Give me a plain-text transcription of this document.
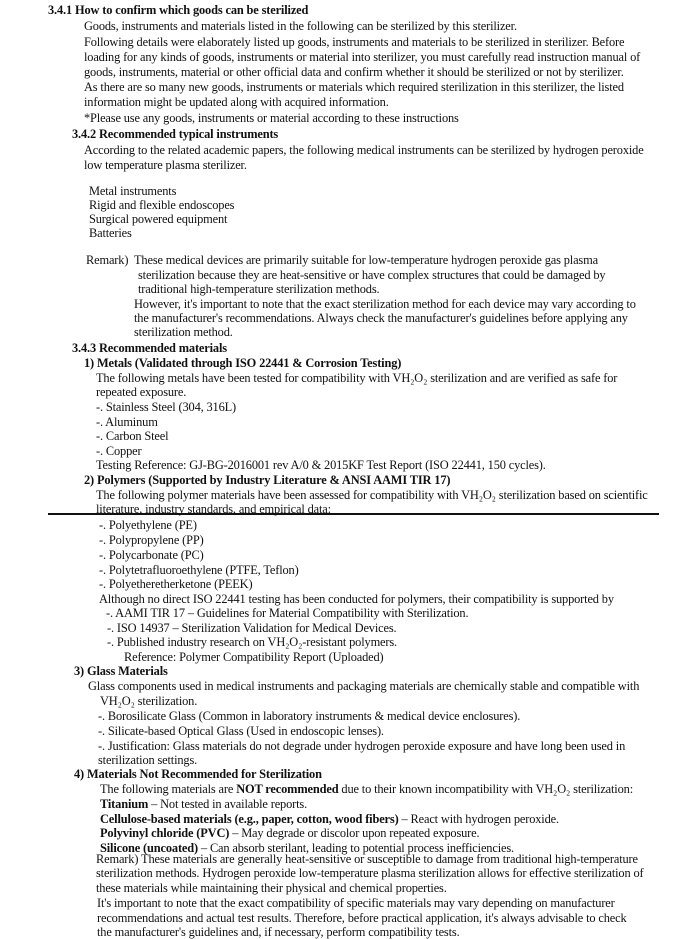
3.4.1 How to confirm which goods can be sterilized
Goods, instruments and materials listed in the following can be sterilized by this sterilizer.
Following details were elaborately listed up goods, instruments and materials to be sterilized in sterilizer. Before
loading for any kinds of goods, instruments or material into sterilizer, you must carefully read instruction manual of
goods, instruments, material or other official data and confirm whether it should be sterilized or not by sterilizer.
As there are so many new goods, instruments or materials which required sterilization in this sterilizer, the listed
information might be updated along with acquired information.
*Please use any goods, instruments or material according to these instructions
3.4.2 Recommended typical instruments
According to the related academic papers, the following medical instruments can be sterilized by hydrogen peroxide
low temperature plasma sterilizer.
Metal instruments
Rigid and flexible endoscopes
Surgical powered equipment
Batteries
Remark) These medical devices are primarily suitable for low-temperature hydrogen peroxide gas plasma
sterilization because they are heat-sensitive or have complex structures that could be damaged by
traditional high-temperature sterilization methods.
However, it's important to note that the exact sterilization method for each device may vary according to
the manufacturer's recommendations. Always check the manufacturer's guidelines before applying any
sterilization method.
3.4.3 Recommended materials
1) Metals (Validated through ISO 22441 & Corrosion Testing)
The following metals have been tested for compatibility with VH₂O₂ sterilization and are verified as safe for
repeated exposure.
-. Stainless Steel (304, 316L)
-. Aluminum
-. Carbon Steel
-. Copper
Testing Reference: GJ-BG-2016001 rev A/0 & 2015KF Test Report (ISO 22441, 150 cycles).
2) Polymers (Supported by Industry Literature & ANSI AAMI TIR 17)
The following polymer materials have been assessed for compatibility with VH₂O₂ sterilization based on scientific
literature, industry standards, and empirical data:
-. Polyethylene (PE)
-. Polypropylene (PP)
-. Polycarbonate (PC)
-. Polytetrafluoroethylene (PTFE, Teflon)
-. Polyetheretherketone (PEEK)
Although no direct ISO 22441 testing has been conducted for polymers, their compatibility is supported by
-. AAMI TIR 17 – Guidelines for Material Compatibility with Sterilization.
-. ISO 14937 – Sterilization Validation for Medical Devices.
-. Published industry research on VH₂O₂-resistant polymers.
Reference: Polymer Compatibility Report (Uploaded)
3) Glass Materials
Glass components used in medical instruments and packaging materials are chemically stable and compatible with
VH₂O₂ sterilization.
-. Borosilicate Glass (Common in laboratory instruments & medical device enclosures).
-. Silicate-based Optical Glass (Used in endoscopic lenses).
-. Justification: Glass materials do not degrade under hydrogen peroxide exposure and have long been used in
sterilization settings.
4) Materials Not Recommended for Sterilization
The following materials are NOT recommended due to their known incompatibility with VH₂O₂ sterilization:
Titanium – Not tested in available reports.
Cellulose-based materials (e.g., paper, cotton, wood fibers) – React with hydrogen peroxide.
Polyvinyl chloride (PVC) – May degrade or discolor upon repeated exposure.
Silicone (uncoated) – Can absorb sterilant, leading to potential process inefficiencies.
Remark) These materials are generally heat-sensitive or susceptible to damage from traditional high-temperature
sterilization methods. Hydrogen peroxide low-temperature plasma sterilization allows for effective sterilization of
these materials while maintaining their physical and chemical properties.
It's important to note that the exact compatibility of specific materials may vary depending on manufacturer
recommendations and actual test results. Therefore, before practical application, it's always advisable to check
the manufacturer's guidelines and, if necessary, perform compatibility tests.
